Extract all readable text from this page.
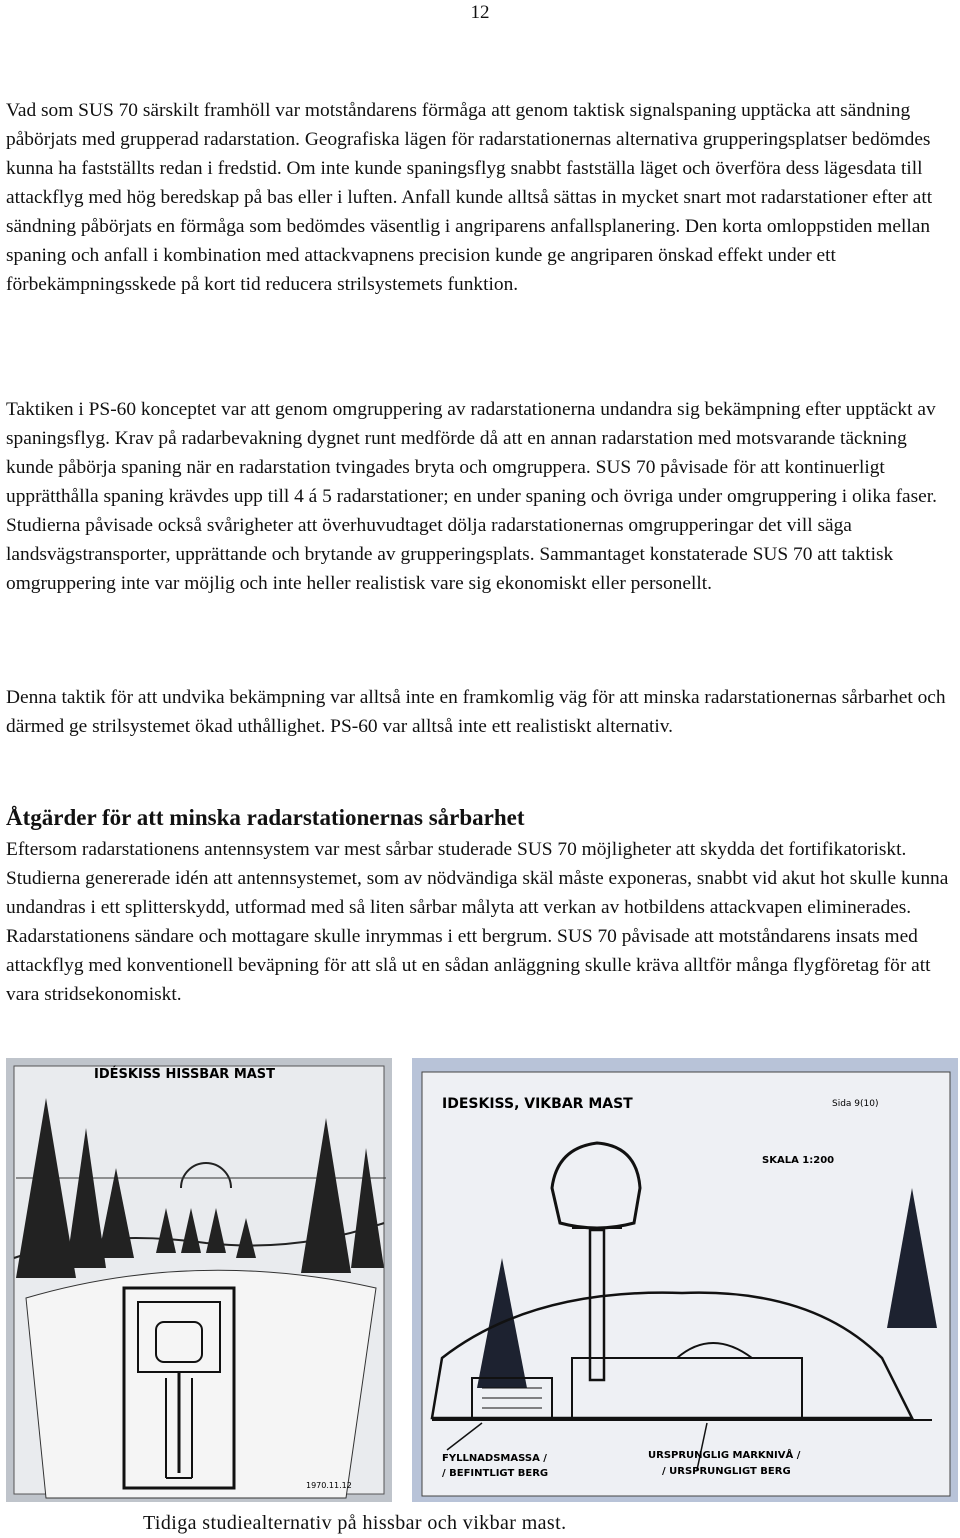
12

Vad som SUS 70 särskilt framhöll var motståndarens förmåga att genom taktisk signalspaning upptäcka att sändning påbörjats med grupperad radarstation. Geografiska lägen för radarstationernas alternativa grupperingsplatser bedömdes kunna ha fastställts redan i fredstid. Om inte kunde spaningsflyg snabbt fastställa läget och överföra dess lägesdata till attackflyg med hög beredskap på bas eller i luften. Anfall kunde alltså sättas in mycket snart mot radarstationer efter att sändning påbörjats en förmåga som bedömdes väsentlig i angriparens anfallsplanering. Den korta omloppstiden mellan spaning och anfall i kombination med attackvapnens precision kunde ge angriparen önskad effekt under ett förbekämpningsskede på kort tid reducera strilsystemets funktion.

Taktiken i PS-60 konceptet var att genom omgruppering av radarstationerna undandra sig bekämpning efter upptäckt av spaningsflyg. Krav på radarbevakning dygnet runt medförde då att en annan radarstation med motsvarande täckning kunde påbörja spaning när en radarstation tvingades bryta och omgruppera. SUS 70 påvisade för att kontinuerligt upprätthålla spaning krävdes upp till 4 á 5 radarstationer; en under spaning och övriga under omgruppering i olika faser. Studierna påvisade också svårigheter att överhuvudtaget dölja radarstationernas omgrupperingar det vill säga landsvägstransporter, upprättande och brytande av grupperingsplats. Sammantaget konstaterade SUS 70 att taktisk omgruppering inte var möjlig och inte heller realistisk vare sig ekonomiskt eller personellt.

Denna taktik för att undvika bekämpning var alltså inte en framkomlig väg för att minska radarstationernas sårbarhet och därmed ge strilsystemet ökad uthållighet. PS-60 var alltså inte ett realistiskt alternativ.

Åtgärder för att minska radarstationernas sårbarhet

Eftersom radarstationens antennsystem var mest sårbar studerade SUS 70 möjligheter att skydda det fortifikatoriskt. Studierna genererade idén att antennsystemet, som av nödvändiga skäl måste exponeras, snabbt vid akut hot skulle kunna undandras i ett splitterskydd, utformad med så liten sårbar målyta att verkan av hotbildens attackvapen eliminerades. Radarstationens sändare och mottagare skulle inrymmas i ett bergrum. SUS 70 påvisade att motståndarens insats med attackflyg med konventionell beväpning för att slå ut en sådan anläggning skulle kräva alltför många flygföretag för att vara stridsekonomiskt.

IDÉSKISS HISSBAR MAST
1970.11.12
IDESKISS, VIKBAR MAST	Sida 9(10)
SKALA 1:200
FYLLNADSMASSA /
/ BEFINTLIGT BERG
URSPRUNGLIG MARKNIVÅ /
/ URSPRUNGLIGT BERG
Tidiga studiealternativ på hissbar och vikbar mast.
